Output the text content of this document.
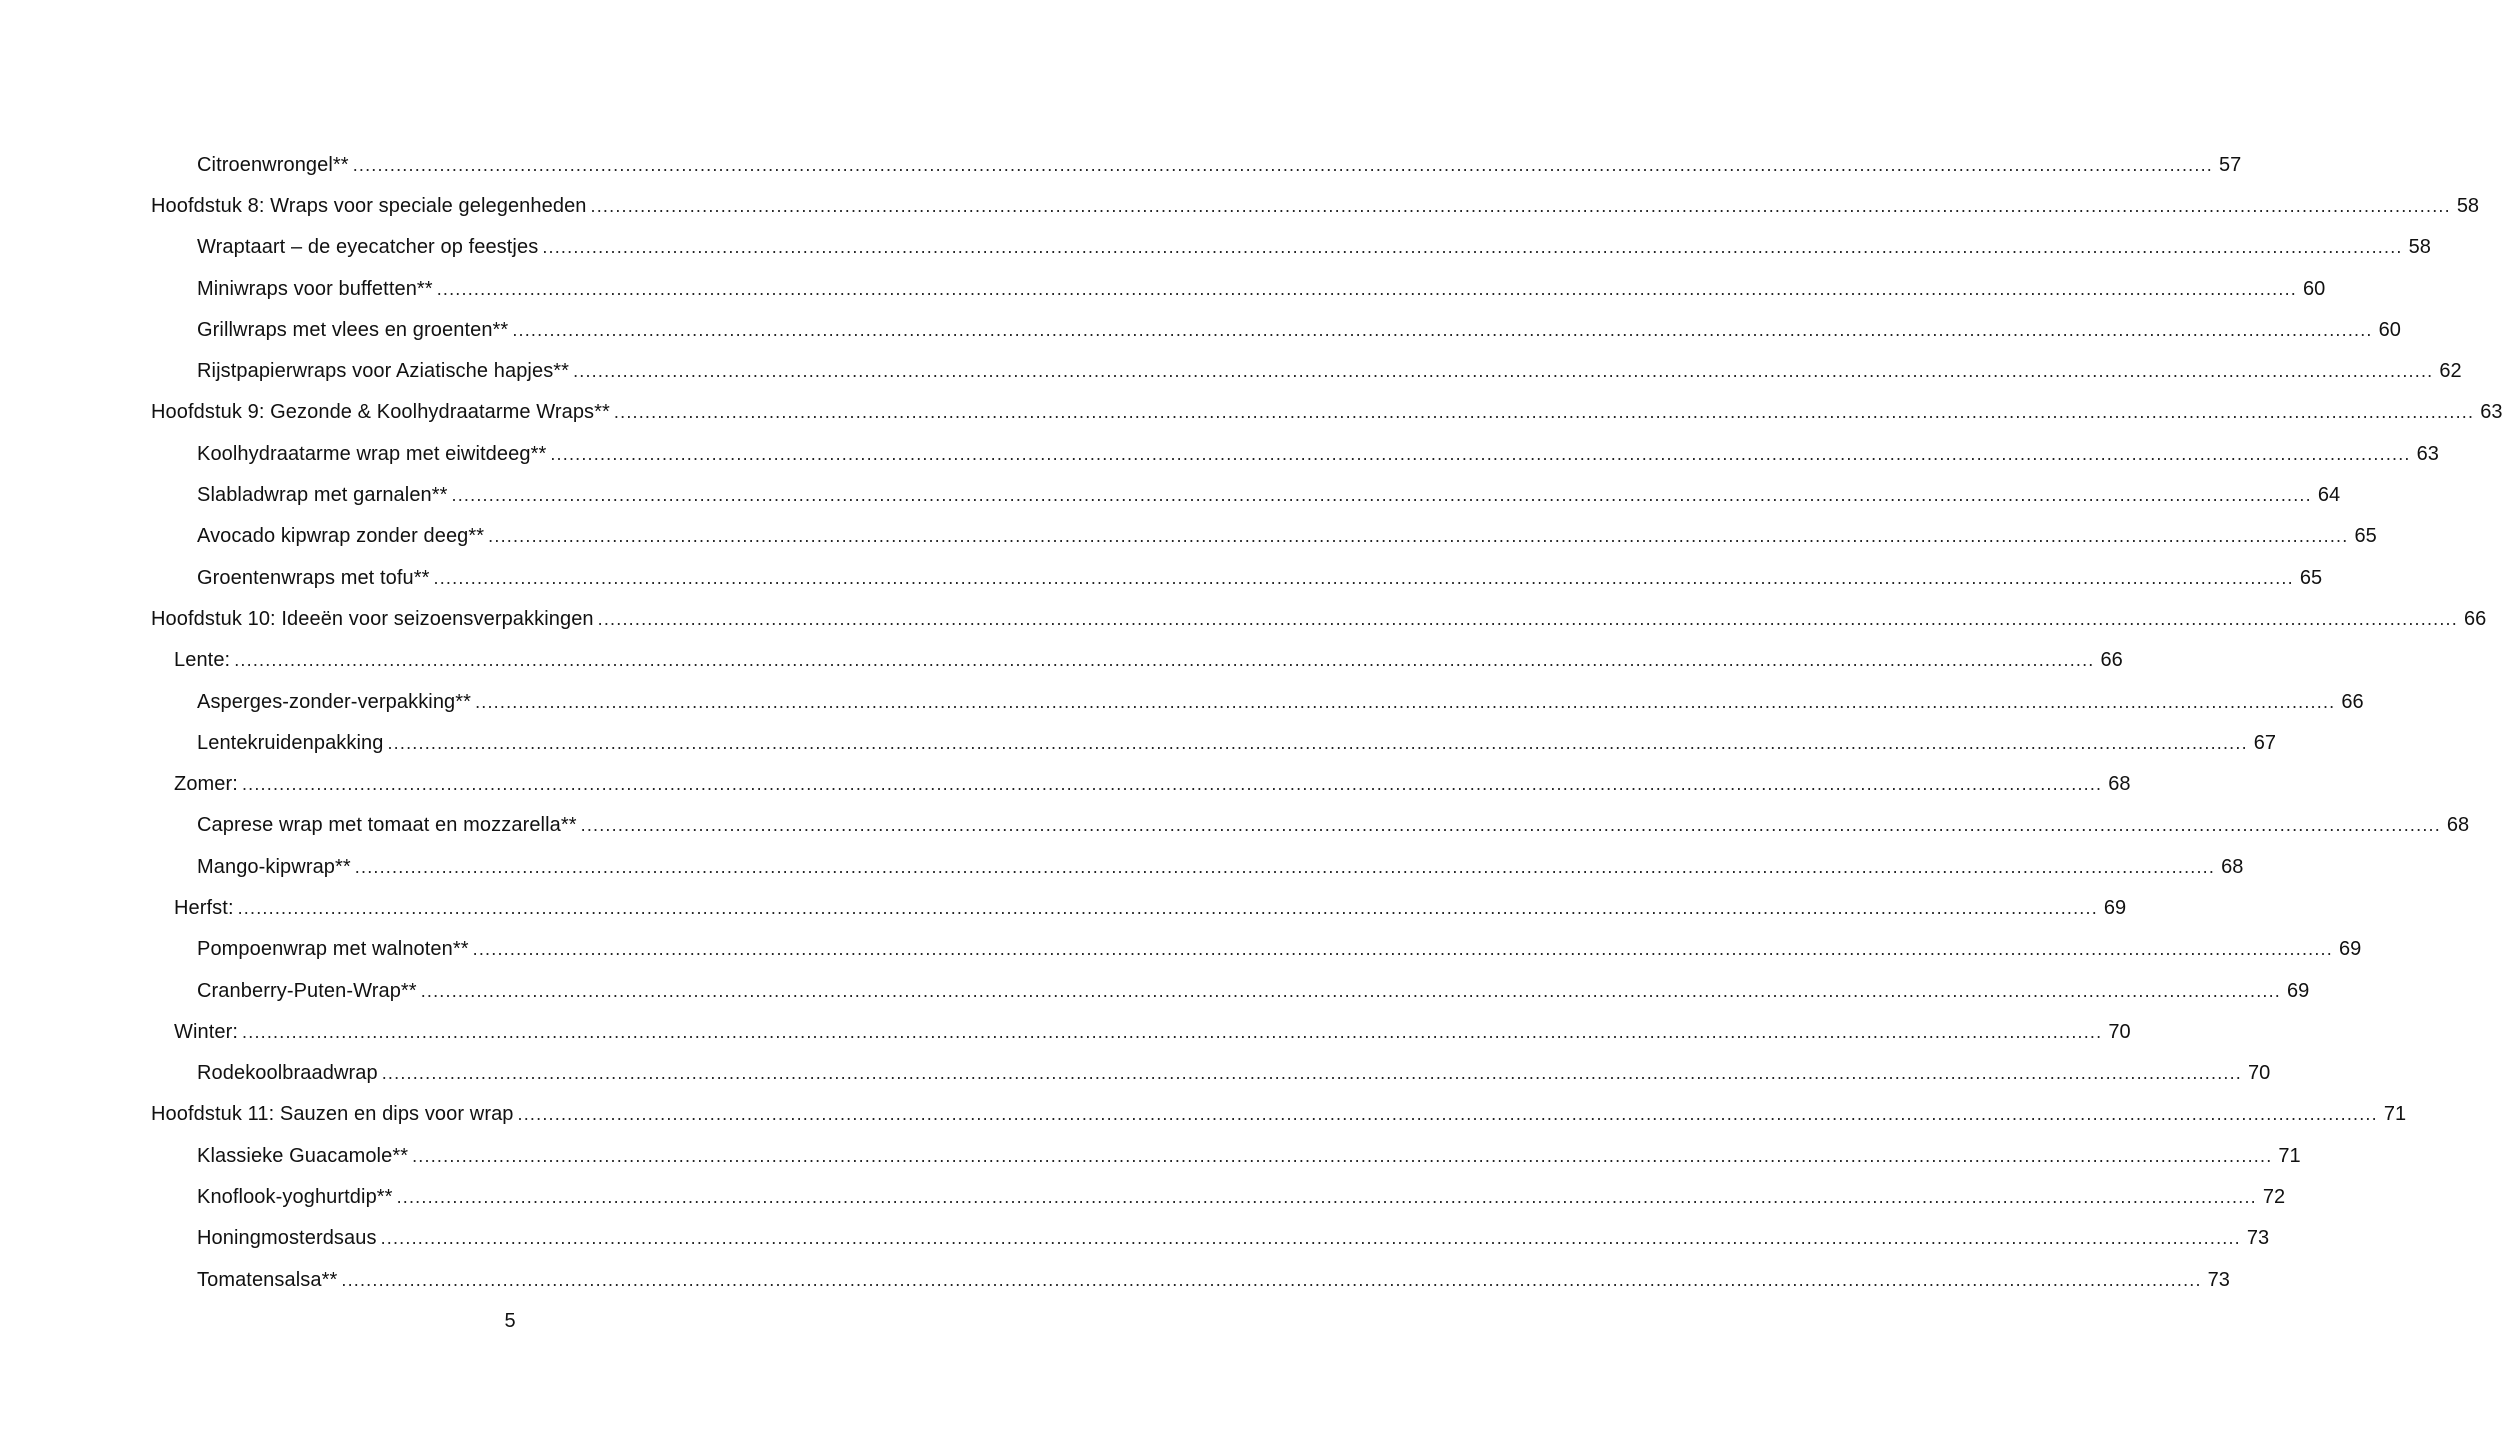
Citroenwrongel** ............................................................................................................................................................................................................................................................................................................ 57
Hoofdstuk 8: Wraps voor speciale gelegenheden ............................................................................................................................................................................................................................................................................................................ 58
Wraptaart – de eyecatcher op feestjes ............................................................................................................................................................................................................................................................................................................ 58
Miniwraps voor buffetten** ............................................................................................................................................................................................................................................................................................................ 60
Grillwraps met vlees en groenten** ............................................................................................................................................................................................................................................................................................................ 60
Rijstpapierwraps voor Aziatische hapjes** ............................................................................................................................................................................................................................................................................................................ 62
Hoofdstuk 9: Gezonde & Koolhydraatarme Wraps** ............................................................................................................................................................................................................................................................................................................ 63
Koolhydraatarme wrap met eiwitdeeg** ............................................................................................................................................................................................................................................................................................................ 63
Slabladwrap met garnalen** ............................................................................................................................................................................................................................................................................................................ 64
Avocado kipwrap zonder deeg** ............................................................................................................................................................................................................................................................................................................ 65
Groentenwraps met tofu** ............................................................................................................................................................................................................................................................................................................ 65
Hoofdstuk 10: Ideeën voor seizoensverpakkingen ............................................................................................................................................................................................................................................................................................................ 66
Lente: ............................................................................................................................................................................................................................................................................................................ 66
Asperges-zonder-verpakking** ............................................................................................................................................................................................................................................................................................................ 66
Lentekruidenpakking ............................................................................................................................................................................................................................................................................................................ 67
Zomer: ............................................................................................................................................................................................................................................................................................................ 68
Caprese wrap met tomaat en mozzarella** ............................................................................................................................................................................................................................................................................................................ 68
Mango-kipwrap** ............................................................................................................................................................................................................................................................................................................ 68
Herfst: ............................................................................................................................................................................................................................................................................................................ 69
Pompoenwrap met walnoten** ............................................................................................................................................................................................................................................................................................................ 69
Cranberry-Puten-Wrap** ............................................................................................................................................................................................................................................................................................................ 69
Winter: ............................................................................................................................................................................................................................................................................................................ 70
Rodekoolbraadwrap ............................................................................................................................................................................................................................................................................................................ 70
Hoofdstuk 11: Sauzen en dips voor wrap ............................................................................................................................................................................................................................................................................................................ 71
Klassieke Guacamole** ............................................................................................................................................................................................................................................................................................................ 71
Knoflook-yoghurtdip** ............................................................................................................................................................................................................................................................................................................ 72
Honingmosterdsaus ............................................................................................................................................................................................................................................................................................................ 73
Tomatensalsa** ............................................................................................................................................................................................................................................................................................................ 73
5
